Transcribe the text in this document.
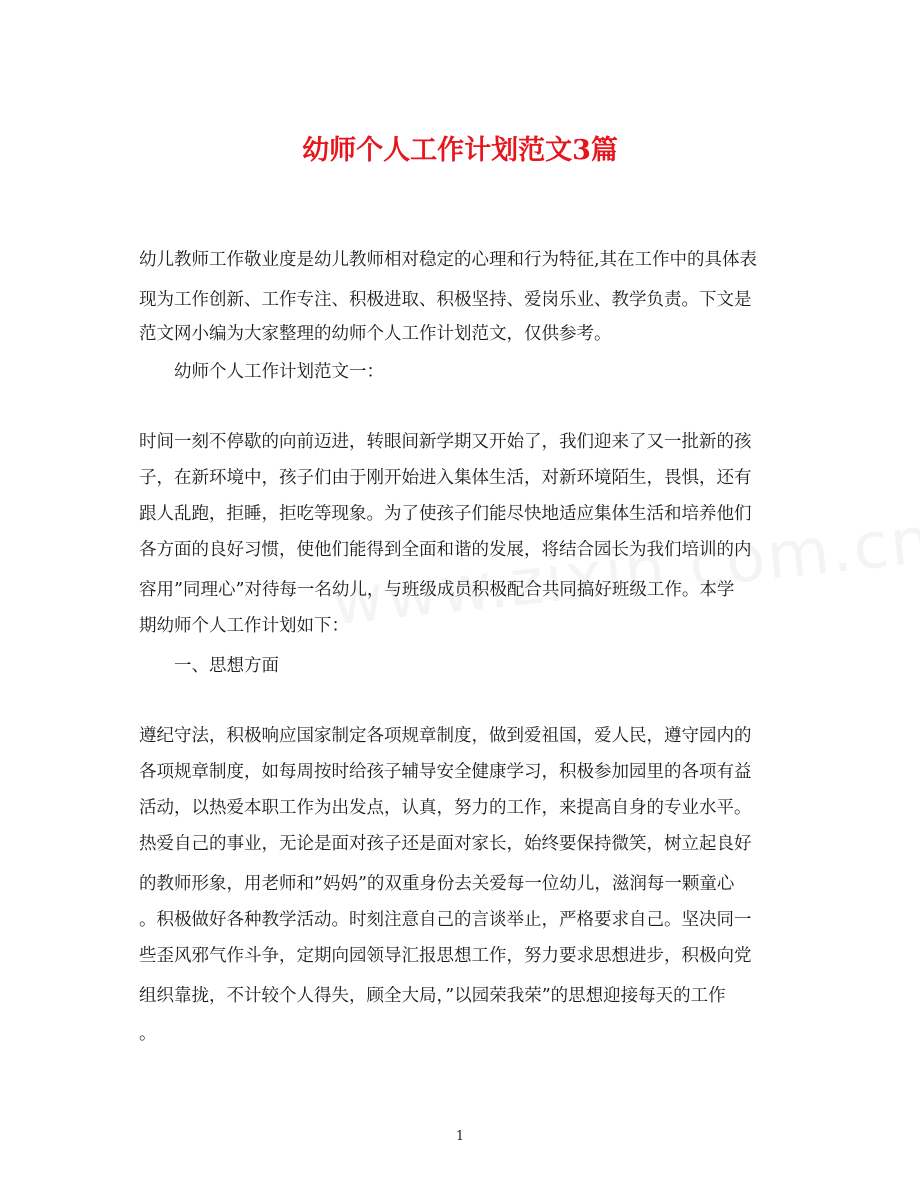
幼师个人工作计划范文3篇
幼儿教师工作敬业度是幼儿教师相对稳定的心理和行为特征,其在工作中的具体表
现为工作创新、工作专注、积极进取、积极坚持、爱岗乐业、教学负责。下文是
范文网小编为大家整理的幼师个人工作计划范文，仅供参考。
幼师个人工作计划范文一：
时间一刻不停歇的向前迈进，转眼间新学期又开始了，我们迎来了又一批新的孩
子，在新环境中，孩子们由于刚开始进入集体生活，对新环境陌生，畏惧，还有
跟人乱跑，拒睡，拒吃等现象。为了使孩子们能尽快地适应集体生活和培养他们
各方面的良好习惯，使他们能得到全面和谐的发展，将结合园长为我们培训的内
容用”同理心”对待每一名幼儿，与班级成员积极配合共同搞好班级工作。本学
期幼师个人工作计划如下：
一、思想方面
遵纪守法，积极响应国家制定各项规章制度，做到爱祖国，爱人民，遵守园内的
各项规章制度，如每周按时给孩子辅导安全健康学习，积极参加园里的各项有益
活动，以热爱本职工作为出发点，认真，努力的工作，来提高自身的专业水平。
热爱自己的事业，无论是面对孩子还是面对家长，始终要保持微笑，树立起良好
的教师形象，用老师和”妈妈”的双重身份去关爱每一位幼儿，滋润每一颗童心
。积极做好各种教学活动。时刻注意自己的言谈举止，严格要求自己。坚决同一
些歪风邪气作斗争，定期向园领导汇报思想工作，努力要求思想进步，积极向党
组织靠拢，不计较个人得失，顾全大局，”以园荣我荣”的思想迎接每天的工作
。
1
